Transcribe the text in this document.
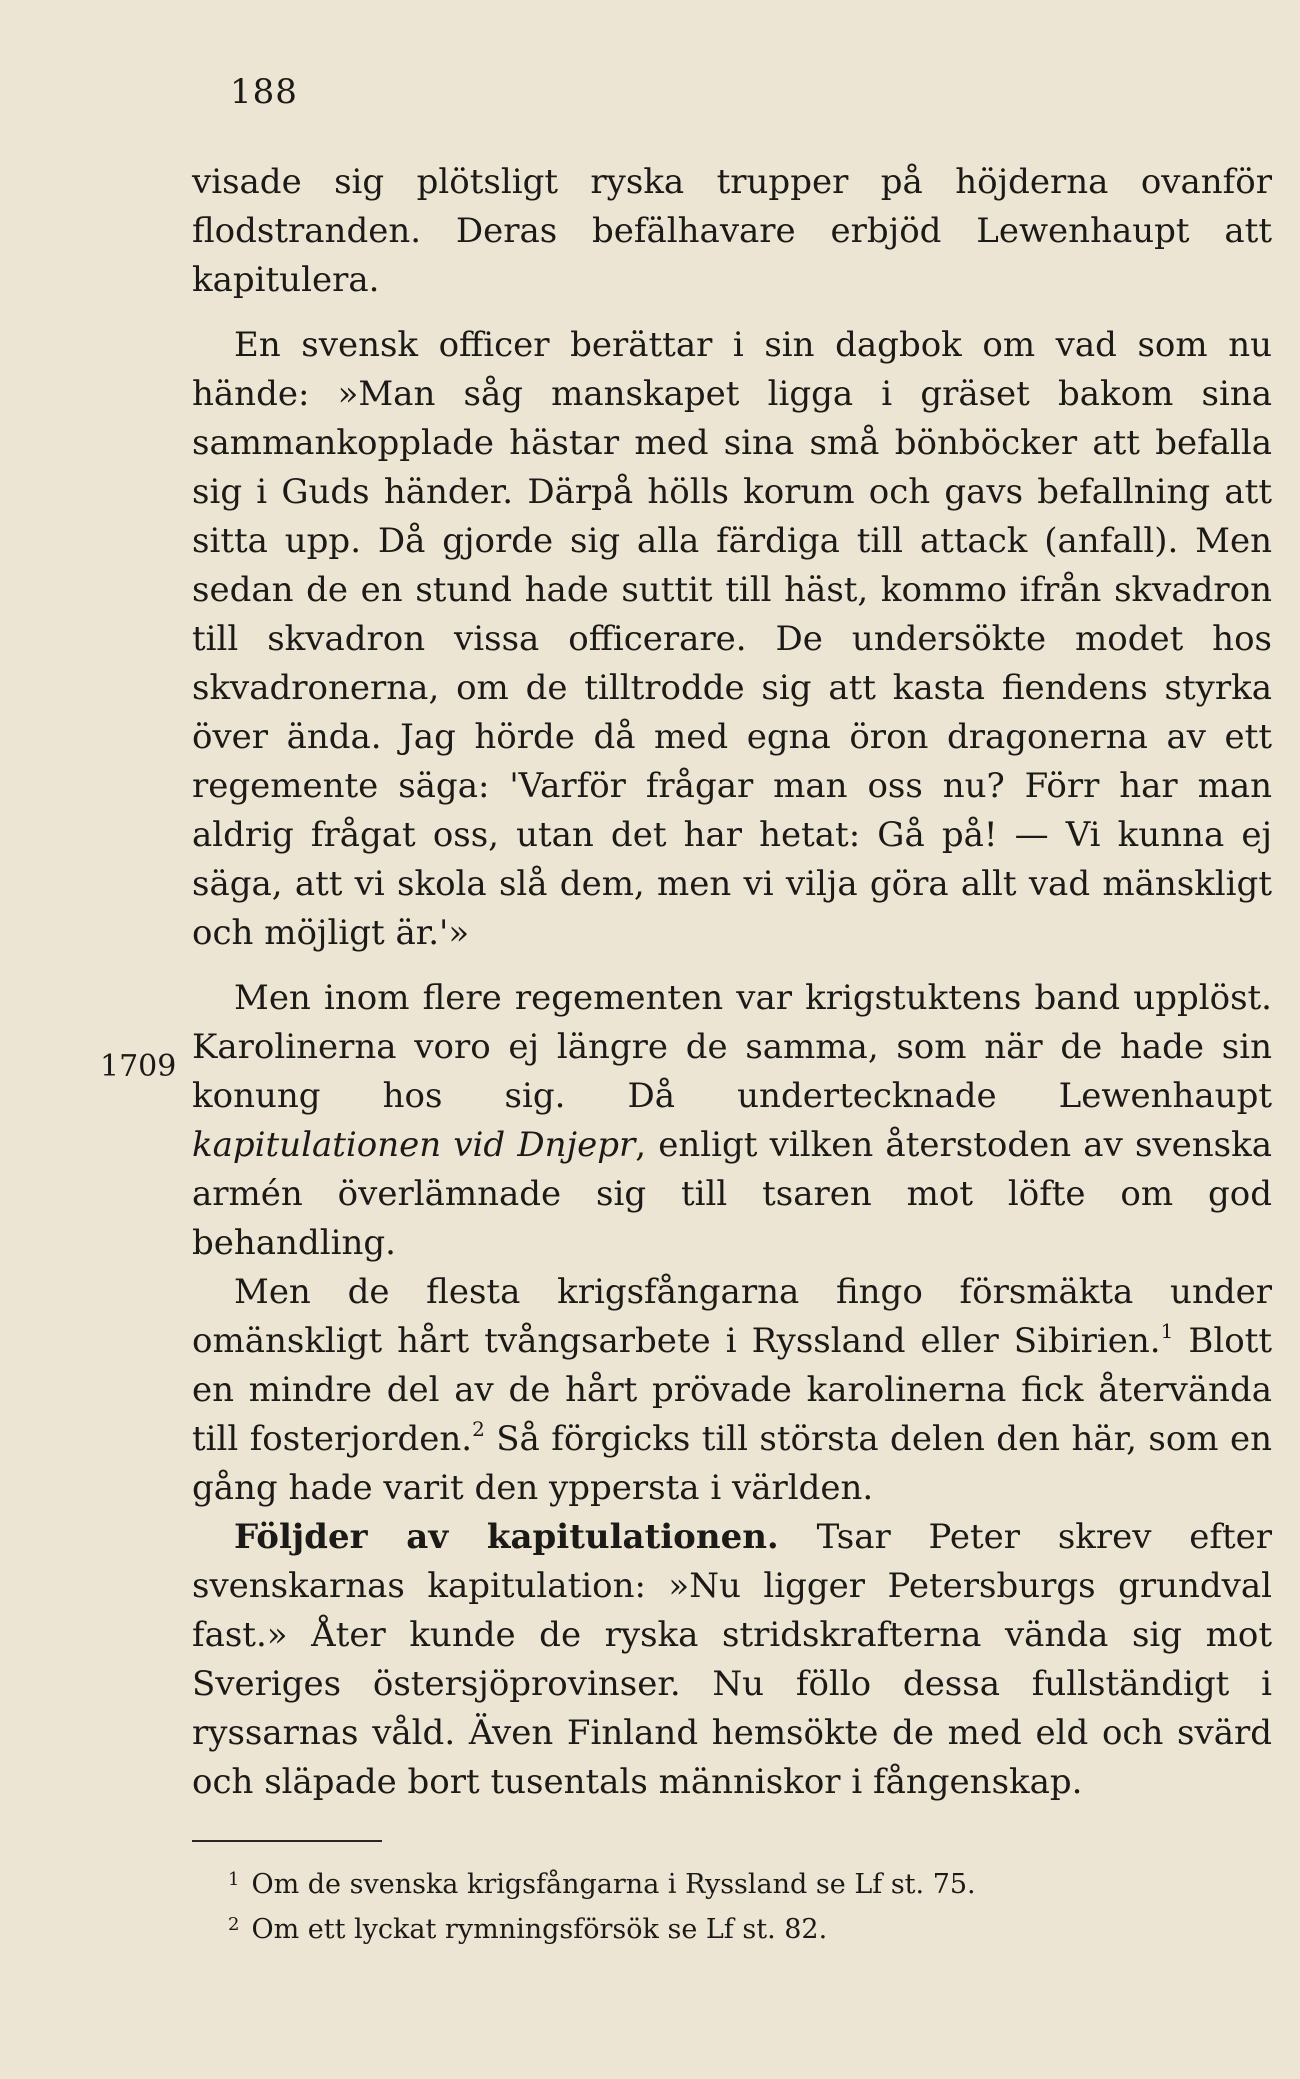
188
1709

visade sig plötsligt ryska trupper på höjderna ovanför flodstranden. Deras befälhavare erbjöd Lewenhaupt att kapitulera.

En svensk officer berättar i sin dagbok om vad som nu hände: »Man såg manskapet ligga i gräset bakom sina sammankopplade hästar med sina små bönböcker att befalla sig i Guds händer. Därpå hölls korum och gavs befallning att sitta upp. Då gjorde sig alla färdiga till attack (anfall). Men sedan de en stund hade suttit till häst, kommo ifrån skvadron till skvadron vissa officerare. De undersökte modet hos skvadronerna, om de tilltrodde sig att kasta fiendens styrka över ända. Jag hörde då med egna öron dragonerna av ett regemente säga: 'Varför frågar man oss nu? Förr har man aldrig frågat oss, utan det har hetat: Gå på! — Vi kunna ej säga, att vi skola slå dem, men vi vilja göra allt vad mänskligt och möjligt är.'»

Men inom flere regementen var krigstuktens band upplöst. Karolinerna voro ej längre de samma, som när de hade sin konung hos sig. Då undertecknade Lewenhaupt kapitulationen vid Dnjepr, enligt vilken återstoden av svenska armén överlämnade sig till tsaren mot löfte om god behandling.

Men de flesta krigsfångarna fingo försmäkta under omänskligt hårt tvångsarbete i Ryssland eller Sibirien.$^1$ Blott en mindre del av de hårt prövade karolinerna fick återvända till fosterjorden.$^2$ Så förgicks till största delen den här, som en gång hade varit den yppersta i världen.

Följder av kapitulationen. Tsar Peter skrev efter svenskarnas kapitulation: »Nu ligger Petersburgs grundval fast.» Åter kunde de ryska stridskrafterna vända sig mot Sveriges östersjöprovinser. Nu föllo dessa fullständigt i ryssarnas våld. Även Finland hemsökte de med eld och svärd och släpade bort tusentals människor i fångenskap.

$^1$ Om de svenska krigsfångarna i Ryssland se Lf st. 75.

$^2$ Om ett lyckat rymningsförsök se Lf st. 82.
